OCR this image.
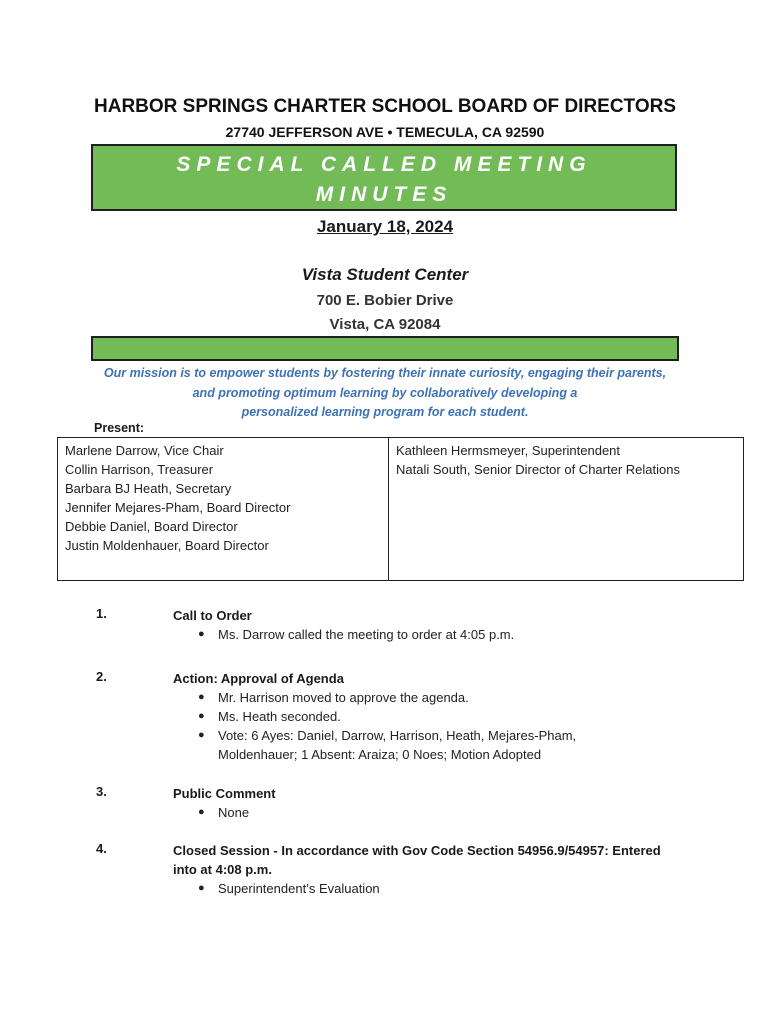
HARBOR SPRINGS CHARTER SCHOOL BOARD OF DIRECTORS
27740 JEFFERSON AVE • TEMECULA, CA 92590
SPECIAL CALLED MEETING
MINUTES
January 18, 2024
Vista Student Center
700 E. Bobier Drive
Vista, CA 92084
Our mission is to empower students by fostering their innate curiosity, engaging their parents,
and promoting optimum learning by collaboratively developing a
personalized learning program for each student.
Present:
Marlene Darrow, Vice Chair
Collin Harrison, Treasurer
Barbara BJ Heath, Secretary
Jennifer Mejares-Pham, Board Director
Debbie Daniel, Board Director
Justin Moldenhauer, Board Director
Kathleen Hermsmeyer, Superintendent
Natali South, Senior Director of Charter Relations
1.	Call to Order
● Ms. Darrow called the meeting to order at 4:05 p.m.
2.	Action: Approval of Agenda
● Mr. Harrison moved to approve the agenda.
● Ms. Heath seconded.
● Vote: 6 Ayes: Daniel, Darrow, Harrison, Heath, Mejares-Pham, Moldenhauer; 1 Absent: Araiza; 0 Noes; Motion Adopted
3.	Public Comment
● None
4.	Closed Session - In accordance with Gov Code Section 54956.9/54957: Entered into at 4:08 p.m.
● Superintendent’s Evaluation
